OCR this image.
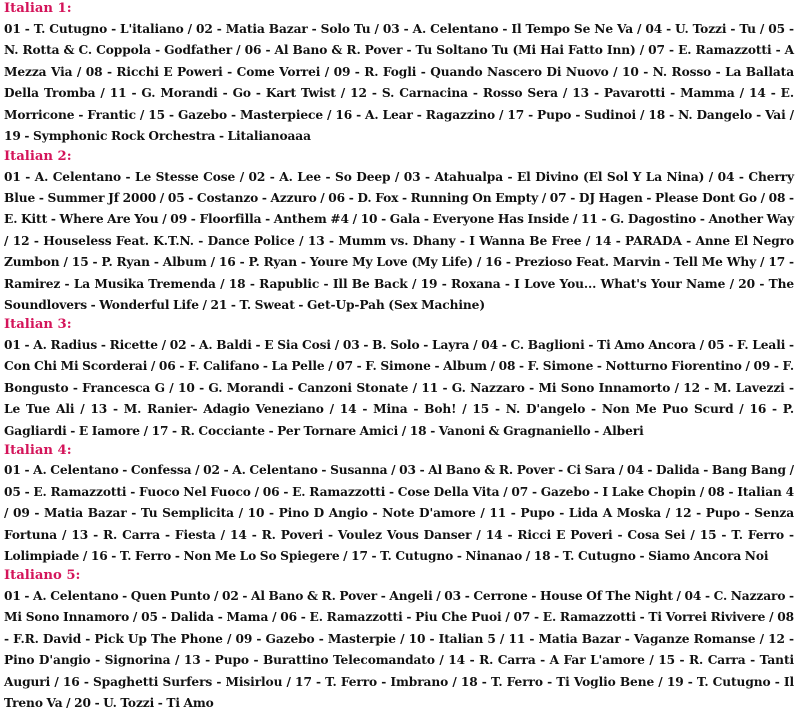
Italian 1:

01 - T. Cutugno - L'italiano / 02 - Matia Bazar - Solo Tu / 03 - A. Celentano - Il Tempo Se Ne Va / 04 - U. Tozzi - Tu / 05 - N. Rotta & C. Coppola - Godfather / 06 - Al Bano & R. Pover - Tu Soltano Tu (Mi Hai Fatto Inn) / 07 - E. Ramazzotti - A Mezza Via / 08 - Ricchi E Poweri - Come Vorrei / 09 - R. Fogli - Quando Nascero Di Nuovo / 10 - N. Rosso - La Ballata Della Tromba / 11 - G. Morandi - Go - Kart Twist / 12 - S. Carnacina - Rosso Sera / 13 - Pavarotti - Mamma / 14 - E. Morricone - Frantic / 15 - Gazebo - Masterpiece / 16 - A. Lear - Ragazzino / 17 - Pupo - Sudinoi / 18 - N. Dangelo - Vai / 19 - Symphonic Rock Orchestra - Litalianoaaa

Italian 2:

01 - A. Celentano - Le Stesse Cose / 02 - A. Lee - So Deep / 03 - Atahualpa - El Divino (El Sol Y La Nina) / 04 - Cherry Blue - Summer Jf 2000 / 05 - Costanzo - Azzuro / 06 - D. Fox - Running On Empty / 07 - DJ Hagen - Please Dont Go / 08 - E. Kitt - Where Are You / 09 - Floorfilla - Anthem #4 / 10 - Gala - Everyone Has Inside / 11 - G. Dagostino - Another Way / 12 - Houseless Feat. K.T.N. - Dance Police / 13 - Mumm vs. Dhany - I Wanna Be Free / 14 - PARADA - Anne El Negro Zumbon / 15 - P. Ryan - Album / 16 - P. Ryan - Youre My Love (My Life) / 16 - Prezioso Feat. Marvin - Tell Me Why / 17 - Ramirez - La Musika Tremenda / 18 - Rapublic - Ill Be Back / 19 - Roxana - I Love You... What's Your Name / 20 - The Soundlovers - Wonderful Life / 21 - T. Sweat - Get-Up-Pah (Sex Machine)

Italian 3:

01 - A. Radius - Ricette / 02 - A. Baldi - E Sia Cosi / 03 - B. Solo - Layra / 04 - C. Baglioni - Ti Amo Ancora / 05 - F. Leali - Con Chi Mi Scorderai / 06 - F. Califano - La Pelle / 07 - F. Simone - Album / 08 - F. Simone - Notturno Fiorentino / 09 - F. Bongusto - Francesca G / 10 - G. Morandi - Canzoni Stonate / 11 - G. Nazzaro - Mi Sono Innamorto / 12 - M. Lavezzi - Le Tue Ali / 13 - M. Ranier- Adagio Veneziano / 14 - Mina - Boh! / 15 - N. D'angelo - Non Me Puo Scurd / 16 - P. Gagliardi - E Iamore / 17 - R. Cocciante - Per Tornare Amici / 18 - Vanoni & Gragnaniello - Alberi

Italian 4:

01 - A. Celentano - Confessa / 02 - A. Celentano - Susanna / 03 - Al Bano & R. Pover - Ci Sara / 04 - Dalida - Bang Bang / 05 - E. Ramazzotti - Fuoco Nel Fuoco / 06 - E. Ramazzotti - Cose Della Vita / 07 - Gazebo - I Lake Chopin / 08 - Italian 4 / 09 - Matia Bazar - Tu Semplicita / 10 - Pino D Angio - Note D'amore / 11 - Pupo - Lida A Moska / 12 - Pupo - Senza Fortuna / 13 - R. Carra - Fiesta / 14 - R. Poveri - Voulez Vous Danser / 14 - Ricci E Poveri - Cosa Sei / 15 - T. Ferro - Lolimpiade / 16 - T. Ferro - Non Me Lo So Spiegere / 17 - T. Cutugno - Ninanao / 18 - T. Cutugno - Siamo Ancora Noi

Italiano 5:

01 - A. Celentano - Quen Punto / 02 - Al Bano & R. Pover - Angeli / 03 - Cerrone - House Of The Night / 04 - C. Nazzaro - Mi Sono Innamoro / 05 - Dalida - Mama / 06 - E. Ramazzotti - Piu Che Puoi / 07 - E. Ramazzotti - Ti Vorrei Rivivere / 08 - F.R. David - Pick Up The Phone / 09 - Gazebo - Masterpie / 10 - Italian 5 / 11 - Matia Bazar - Vaganze Romanse / 12 - Pino D'angio - Signorina / 13 - Pupo - Burattino Telecomandato / 14 - R. Carra - A Far L'amore / 15 - R. Carra - Tanti Auguri / 16 - Spaghetti Surfers - Misirlou / 17 - T. Ferro - Imbrano / 18 - T. Ferro - Ti Voglio Bene / 19 - T. Cutugno - Il Treno Va / 20 - U. Tozzi - Ti Amo
